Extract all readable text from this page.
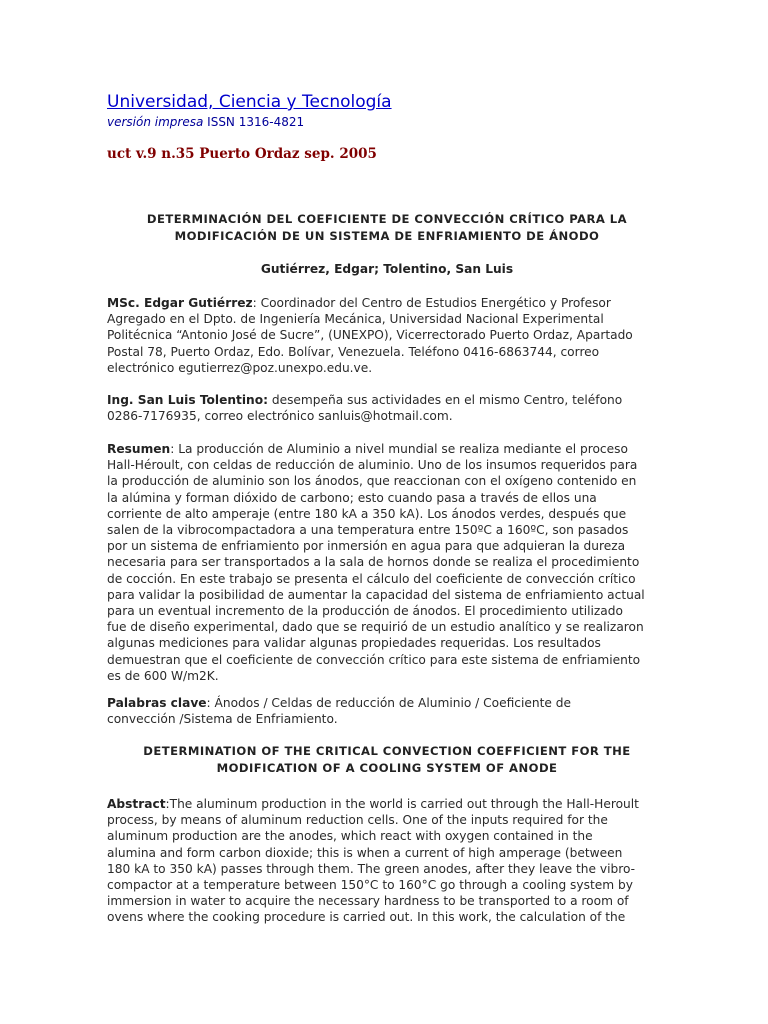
Universidad, Ciencia y Tecnología
versión impresa ISSN 1316-4821
uct v.9 n.35 Puerto Ordaz sep. 2005
DETERMINACIÓN DEL COEFICIENTE DE CONVECCIÓN CRÍTICO PARA LA
MODIFICACIÓN DE UN SISTEMA DE ENFRIAMIENTO DE ÁNODO
Gutiérrez, Edgar; Tolentino, San Luis
MSc. Edgar Gutiérrez: Coordinador del Centro de Estudios Energético y Profesor
Agregado en el Dpto. de Ingeniería Mecánica, Universidad Nacional Experimental
Politécnica “Antonio José de Sucre”, (UNEXPO), Vicerrectorado Puerto Ordaz, Apartado
Postal 78, Puerto Ordaz, Edo. Bolívar, Venezuela. Teléfono 0416-6863744, correo
electrónico egutierrez@poz.unexpo.edu.ve.
Ing. San Luis Tolentino: desempeña sus actividades en el mismo Centro, teléfono
0286-7176935, correo electrónico sanluis@hotmail.com.
Resumen: La producción de Aluminio a nivel mundial se realiza mediante el proceso
Hall-Héroult, con celdas de reducción de aluminio. Uno de los insumos requeridos para
la producción de aluminio son los ánodos, que reaccionan con el oxígeno contenido en
la alúmina y forman dióxido de carbono; esto cuando pasa a través de ellos una
corriente de alto amperaje (entre 180 kA a 350 kA). Los ánodos verdes, después que
salen de la vibrocompactadora a una temperatura entre 150ºC a 160ºC, son pasados
por un sistema de enfriamiento por inmersión en agua para que adquieran la dureza
necesaria para ser transportados a la sala de hornos donde se realiza el procedimiento
de cocción. En este trabajo se presenta el cálculo del coeficiente de convección crítico
para validar la posibilidad de aumentar la capacidad del sistema de enfriamiento actual
para un eventual incremento de la producción de ánodos. El procedimiento utilizado
fue de diseño experimental, dado que se requirió de un estudio analítico y se realizaron
algunas mediciones para validar algunas propiedades requeridas. Los resultados
demuestran que el coeficiente de convección crítico para este sistema de enfriamiento
es de 600 W/m2K.
Palabras clave: Ánodos / Celdas de reducción de Aluminio / Coeficiente de
convección /Sistema de Enfriamiento.
DETERMINATION OF THE CRITICAL CONVECTION COEFFICIENT FOR THE
MODIFICATION OF A COOLING SYSTEM OF ANODE
Abstract:The aluminum production in the world is carried out through the Hall-Heroult
process, by means of aluminum reduction cells. One of the inputs required for the
aluminum production are the anodes, which react with oxygen contained in the
alumina and form carbon dioxide; this is when a current of high amperage (between
180 kA to 350 kA) passes through them. The green anodes, after they leave the vibro-
compactor at a temperature between 150°C to 160°C go through a cooling system by
immersion in water to acquire the necessary hardness to be transported to a room of
ovens where the cooking procedure is carried out. In this work, the calculation of the
